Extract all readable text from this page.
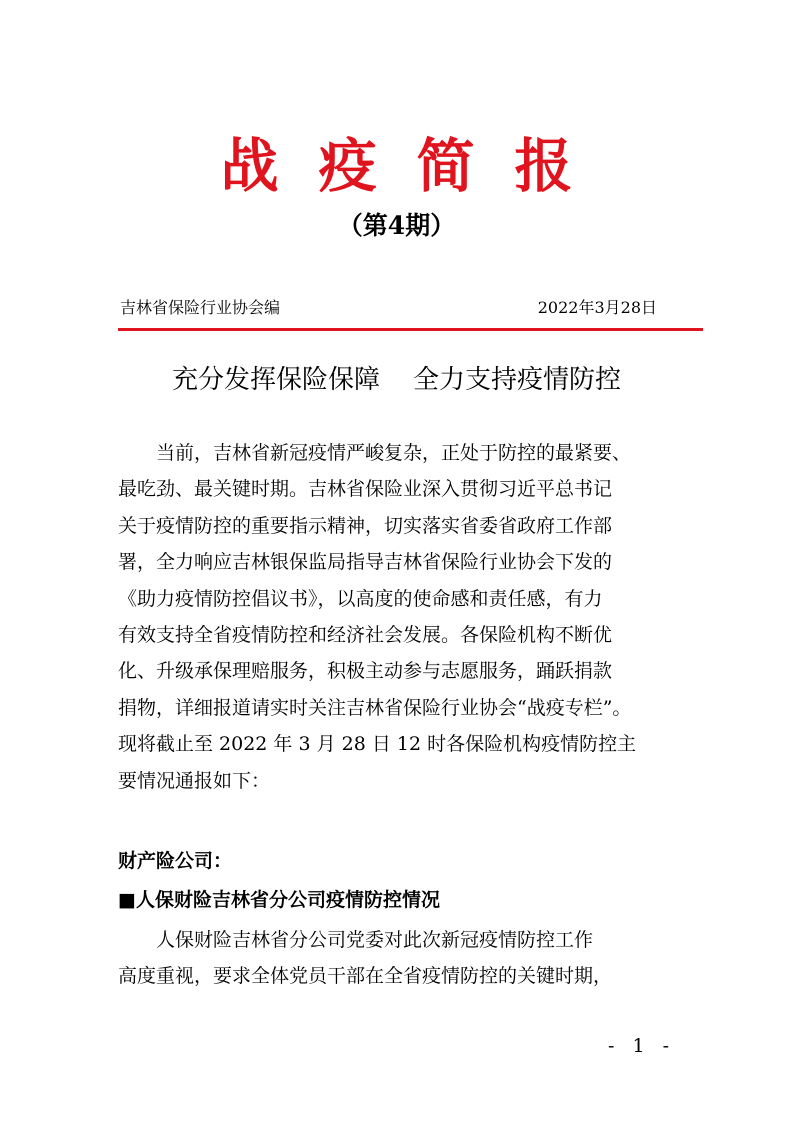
战疫简报
（第4期）
吉林省保险行业协会编	2022年3月28日
充分发挥保险保障    全力支持疫情防控
　　当前，吉林省新冠疫情严峻复杂，正处于防控的最紧要、
最吃劲、最关键时期。吉林省保险业深入贯彻习近平总书记
关于疫情防控的重要指示精神，切实落实省委省政府工作部
署，全力响应吉林银保监局指导吉林省保险行业协会下发的
《助力疫情防控倡议书》，以高度的使命感和责任感，有力
有效支持全省疫情防控和经济社会发展。各保险机构不断优
化、升级承保理赔服务，积极主动参与志愿服务，踊跃捐款
捐物，详细报道请实时关注吉林省保险行业协会“战疫专栏”。
现将截止至 2022 年 3 月 28 日 12 时各保险机构疫情防控主
要情况通报如下：
财产险公司：
■人保财险吉林省分公司疫情防控情况
　　人保财险吉林省分公司党委对此次新冠疫情防控工作
高度重视，要求全体党员干部在全省疫情防控的关键时期，
- 1 -
